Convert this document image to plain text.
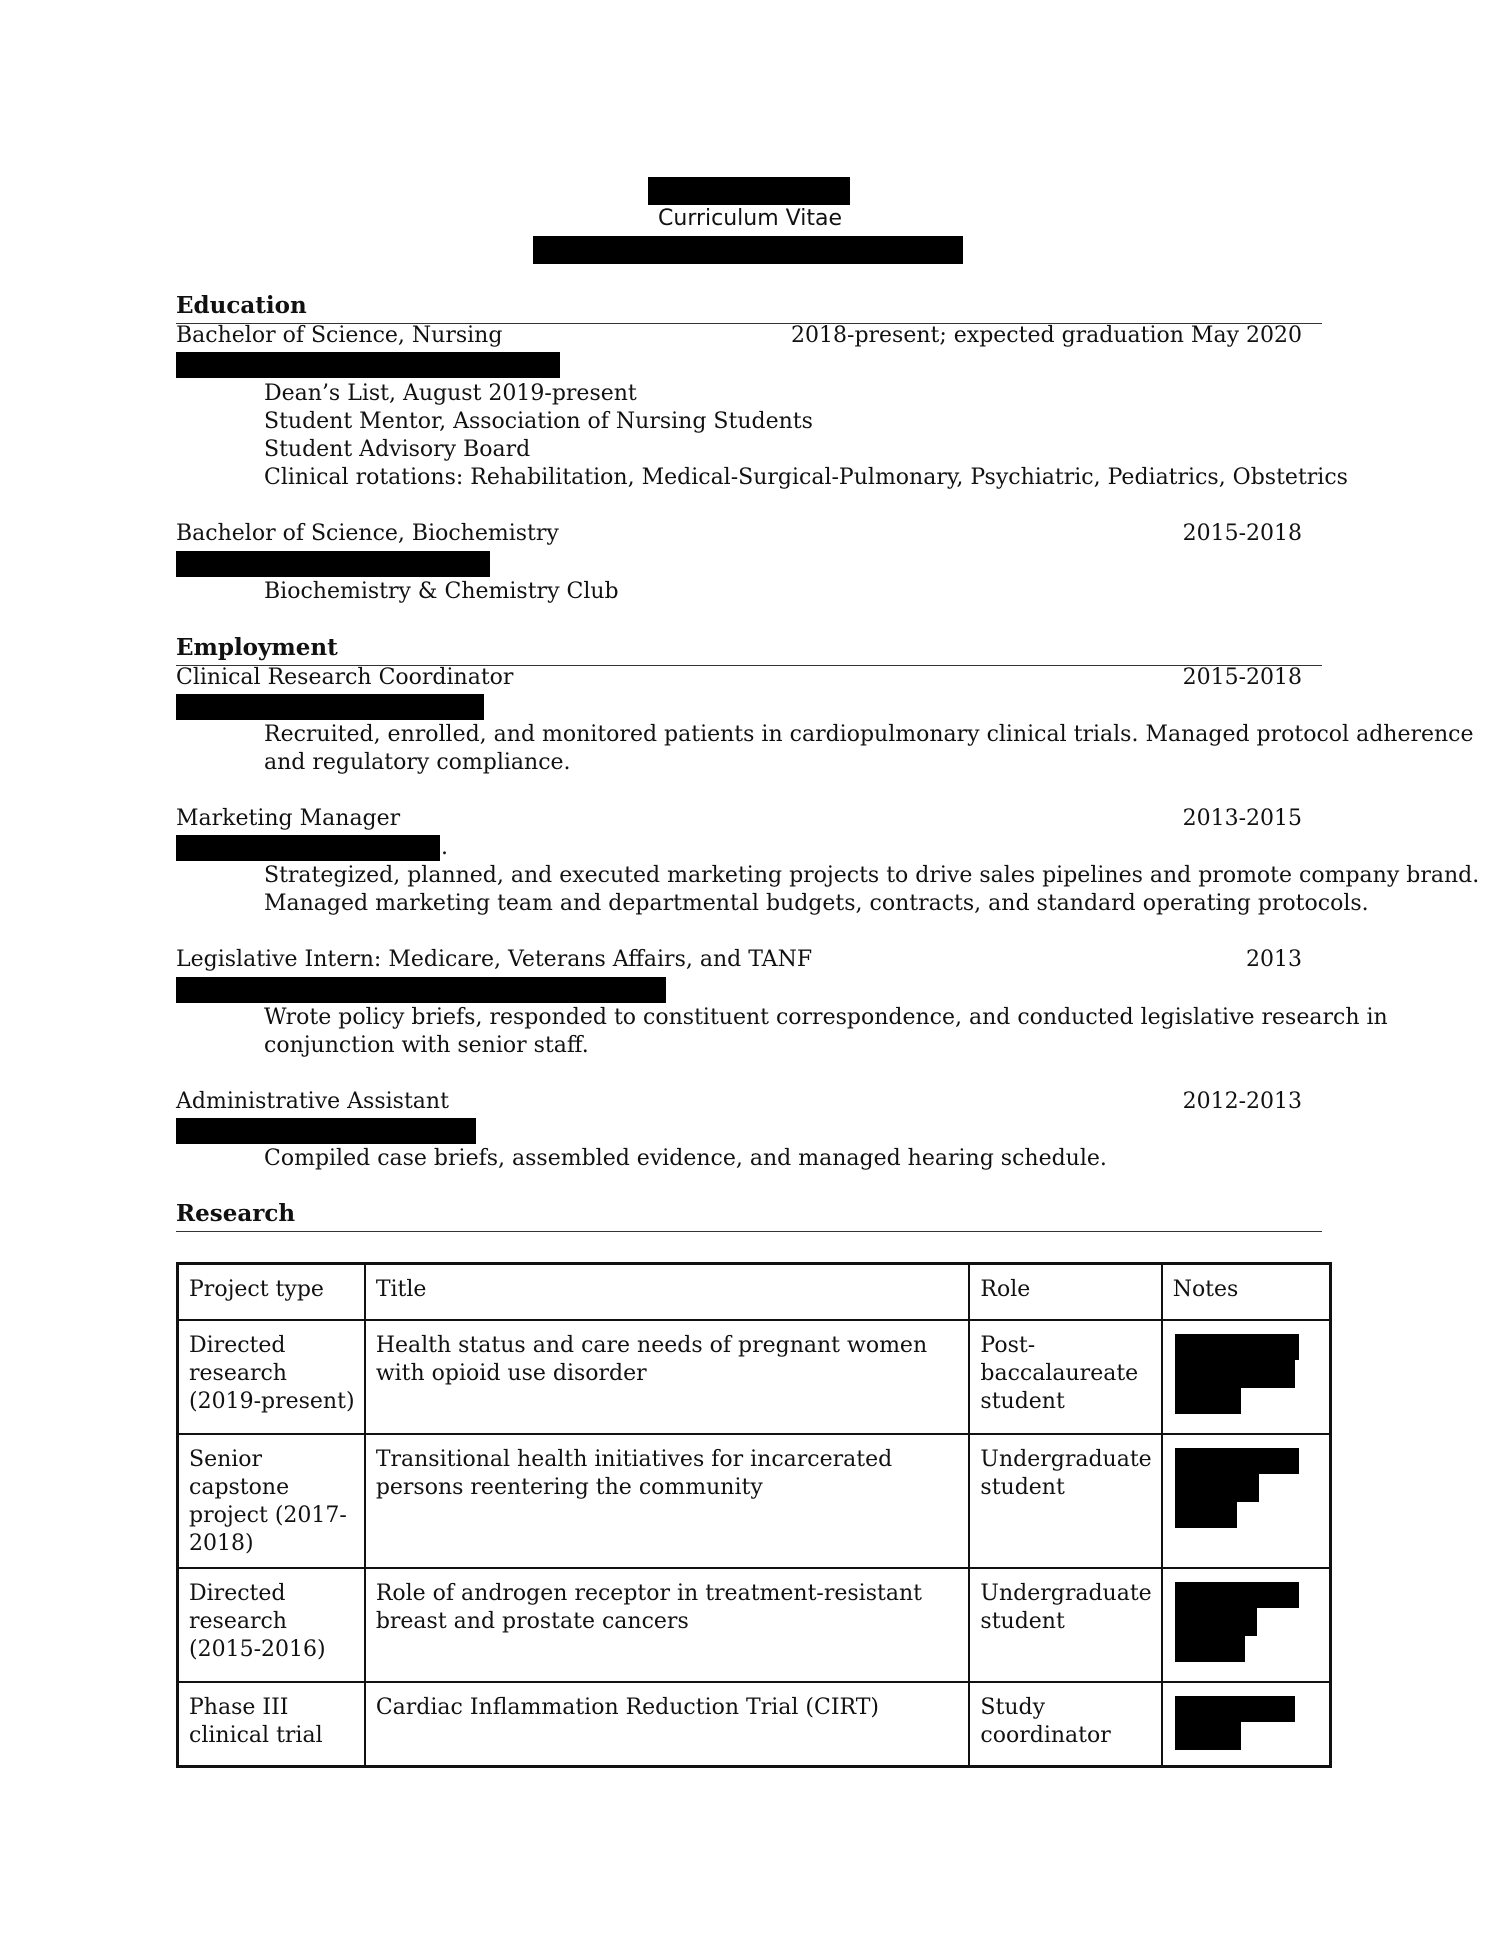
Curriculum Vitae
Education
Bachelor of Science, Nursing	2018-present; expected graduation May 2020
Dean’s List, August 2019-present
Student Mentor, Association of Nursing Students
Student Advisory Board
Clinical rotations: Rehabilitation, Medical-Surgical-Pulmonary, Psychiatric, Pediatrics, Obstetrics
Bachelor of Science, Biochemistry	2015-2018
Biochemistry & Chemistry Club
Employment
Clinical Research Coordinator	2015-2018
Recruited, enrolled, and monitored patients in cardiopulmonary clinical trials. Managed protocol adherence
and regulatory compliance.
Marketing Manager	2013-2015
.
Strategized, planned, and executed marketing projects to drive sales pipelines and promote company brand.
Managed marketing team and departmental budgets, contracts, and standard operating protocols.
Legislative Intern: Medicare, Veterans Affairs, and TANF	2013
Wrote policy briefs, responded to constituent correspondence, and conducted legislative research in
conjunction with senior staff.
Administrative Assistant	2012-2013
Compiled case briefs, assembled evidence, and managed hearing schedule.
Research
Project type	Title	Role	Notes
Directed research (2019-present)	Health status and care needs of pregnant women with opioid use disorder	Post-baccalaureate student	

Senior capstone project (2017-2018)	Transitional health initiatives for incarcerated persons reentering the community	Undergraduate student	

Directed research (2015-2016)	Role of androgen receptor in treatment-resistant breast and prostate cancers	Undergraduate student	

Phase III clinical trial	Cardiac Inflammation Reduction Trial (CIRT)	Study coordinator	
